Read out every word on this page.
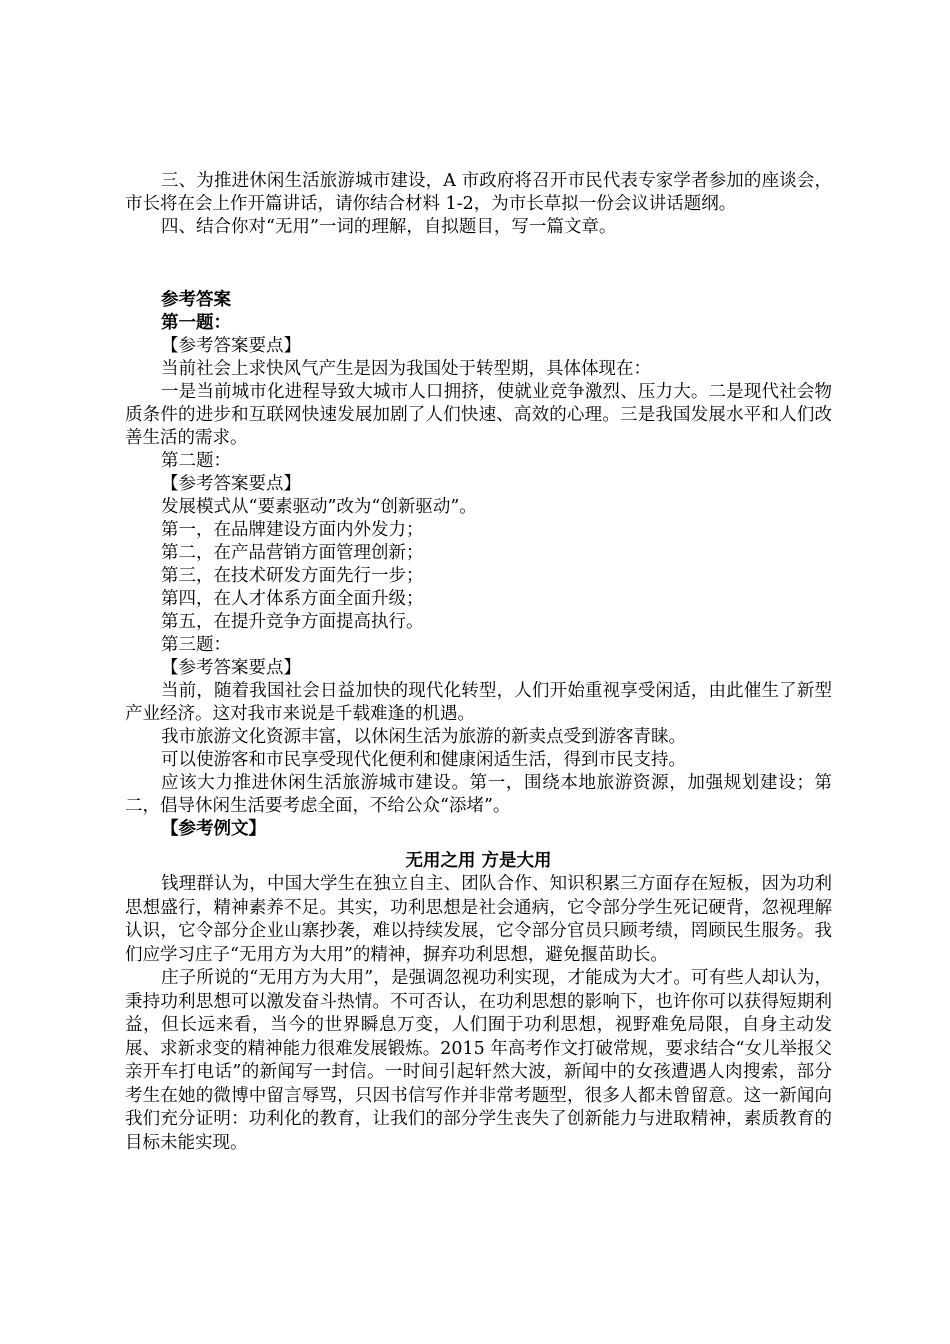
三、为推进休闲生活旅游城市建设，A 市政府将召开市民代表专家学者参加的座谈会，市长将在会上作开篇讲话，请你结合材料 1-2，为市长草拟一份会议讲话题纲。

四、结合你对“无用”一词的理解，自拟题目，写一篇文章。

参考答案

第一题：

【参考答案要点】

当前社会上求快风气产生是因为我国处于转型期，具体体现在：

一是当前城市化进程导致大城市人口拥挤，使就业竞争激烈、压力大。二是现代社会物质条件的进步和互联网快速发展加剧了人们快速、高效的心理。三是我国发展水平和人们改善生活的需求。

第二题：

【参考答案要点】

发展模式从“要素驱动”改为“创新驱动”。

第一，在品牌建设方面内外发力；

第二，在产品营销方面管理创新；

第三，在技术研发方面先行一步；

第四，在人才体系方面全面升级；

第五，在提升竞争方面提高执行。

第三题：

【参考答案要点】

当前，随着我国社会日益加快的现代化转型，人们开始重视享受闲适，由此催生了新型产业经济。这对我市来说是千载难逢的机遇。

我市旅游文化资源丰富，以休闲生活为旅游的新卖点受到游客青睐。

可以使游客和市民享受现代化便利和健康闲适生活，得到市民支持。

应该大力推进休闲生活旅游城市建设。第一，围绕本地旅游资源，加强规划建设；第二，倡导休闲生活要考虑全面，不给公众“添堵”。

【参考例文】

无用之用 方是大用

钱理群认为，中国大学生在独立自主、团队合作、知识积累三方面存在短板，因为功利思想盛行，精神素养不足。其实，功利思想是社会通病，它令部分学生死记硬背，忽视理解认识，它令部分企业山寨抄袭，难以持续发展，它令部分官员只顾考绩，罔顾民生服务。我们应学习庄子“无用方为大用”的精神，摒弃功利思想，避免揠苗助长。

庄子所说的“无用方为大用”，是强调忽视功利实现，才能成为大才。可有些人却认为，秉持功利思想可以激发奋斗热情。不可否认，在功利思想的影响下，也许你可以获得短期利益，但长远来看，当今的世界瞬息万变，人们囿于功利思想，视野难免局限，自身主动发展、求新求变的精神能力很难发展锻炼。2015 年高考作文打破常规，要求结合“女儿举报父亲开车打电话”的新闻写一封信。一时间引起轩然大波，新闻中的女孩遭遇人肉搜索，部分考生在她的微博中留言辱骂，只因书信写作并非常考题型，很多人都未曾留意。这一新闻向我们充分证明：功利化的教育，让我们的部分学生丧失了创新能力与进取精神，素质教育的目标未能实现。
